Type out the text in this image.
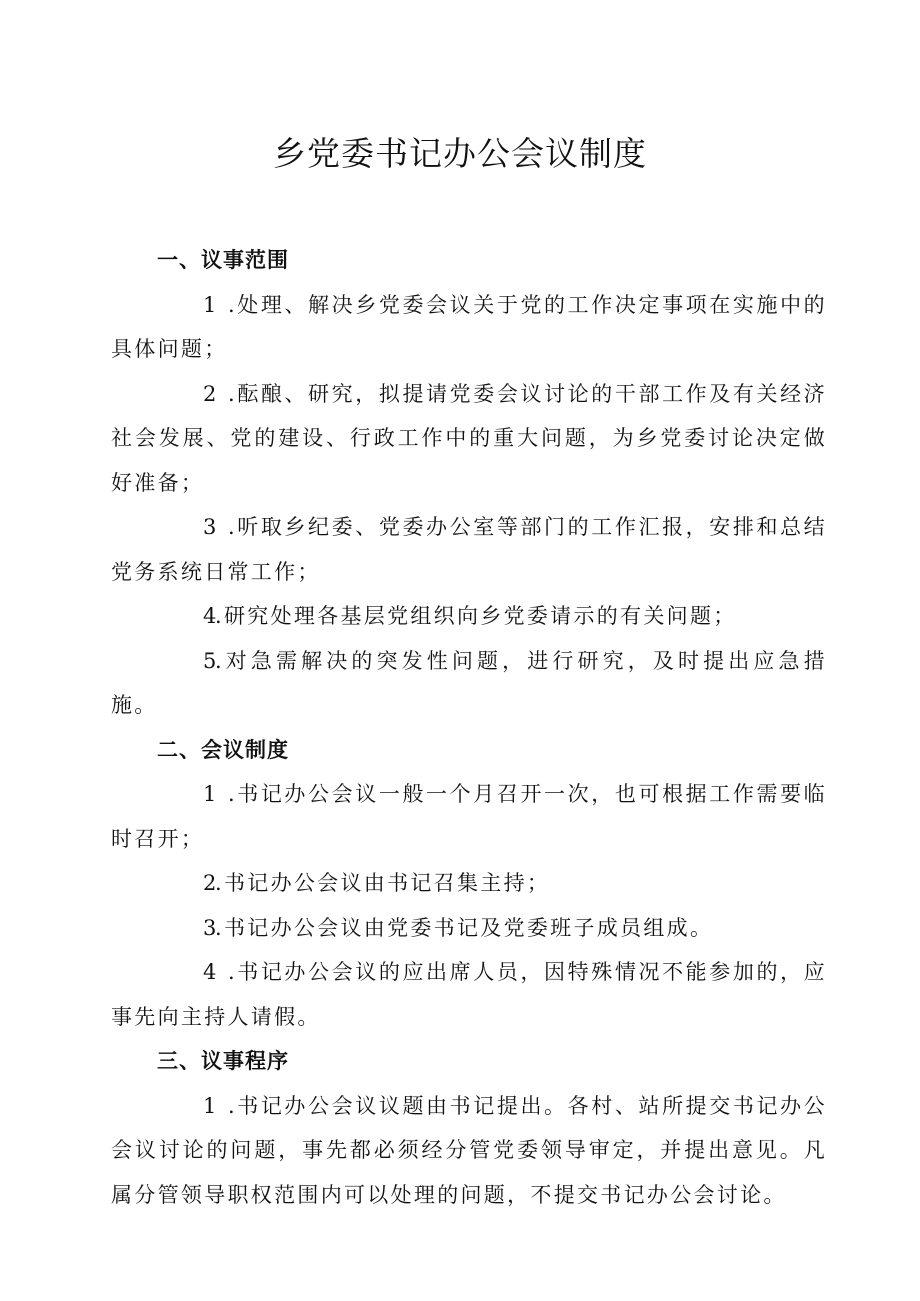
乡党委书记办公会议制度
一、议事范围
1 .处理、解决乡党委会议关于党的工作决定事项在实施中的具体问题；
2 .酝酿、研究，拟提请党委会议讨论的干部工作及有关经济社会发展、党的建设、行政工作中的重大问题，为乡党委讨论决定做好准备；
3 .听取乡纪委、党委办公室等部门的工作汇报，安排和总结党务系统日常工作；
4.研究处理各基层党组织向乡党委请示的有关问题；
5.对急需解决的突发性问题，进行研究，及时提出应急措施。
二、会议制度
1 .书记办公会议一般一个月召开一次，也可根据工作需要临时召开；
2.书记办公会议由书记召集主持；
3.书记办公会议由党委书记及党委班子成员组成。
4 .书记办公会议的应出席人员，因特殊情况不能参加的，应事先向主持人请假。
三、议事程序
1 .书记办公会议议题由书记提出。各村、站所提交书记办公会议讨论的问题，事先都必须经分管党委领导审定，并提出意见。凡属分管领导职权范围内可以处理的问题，不提交书记办公会讨论。
